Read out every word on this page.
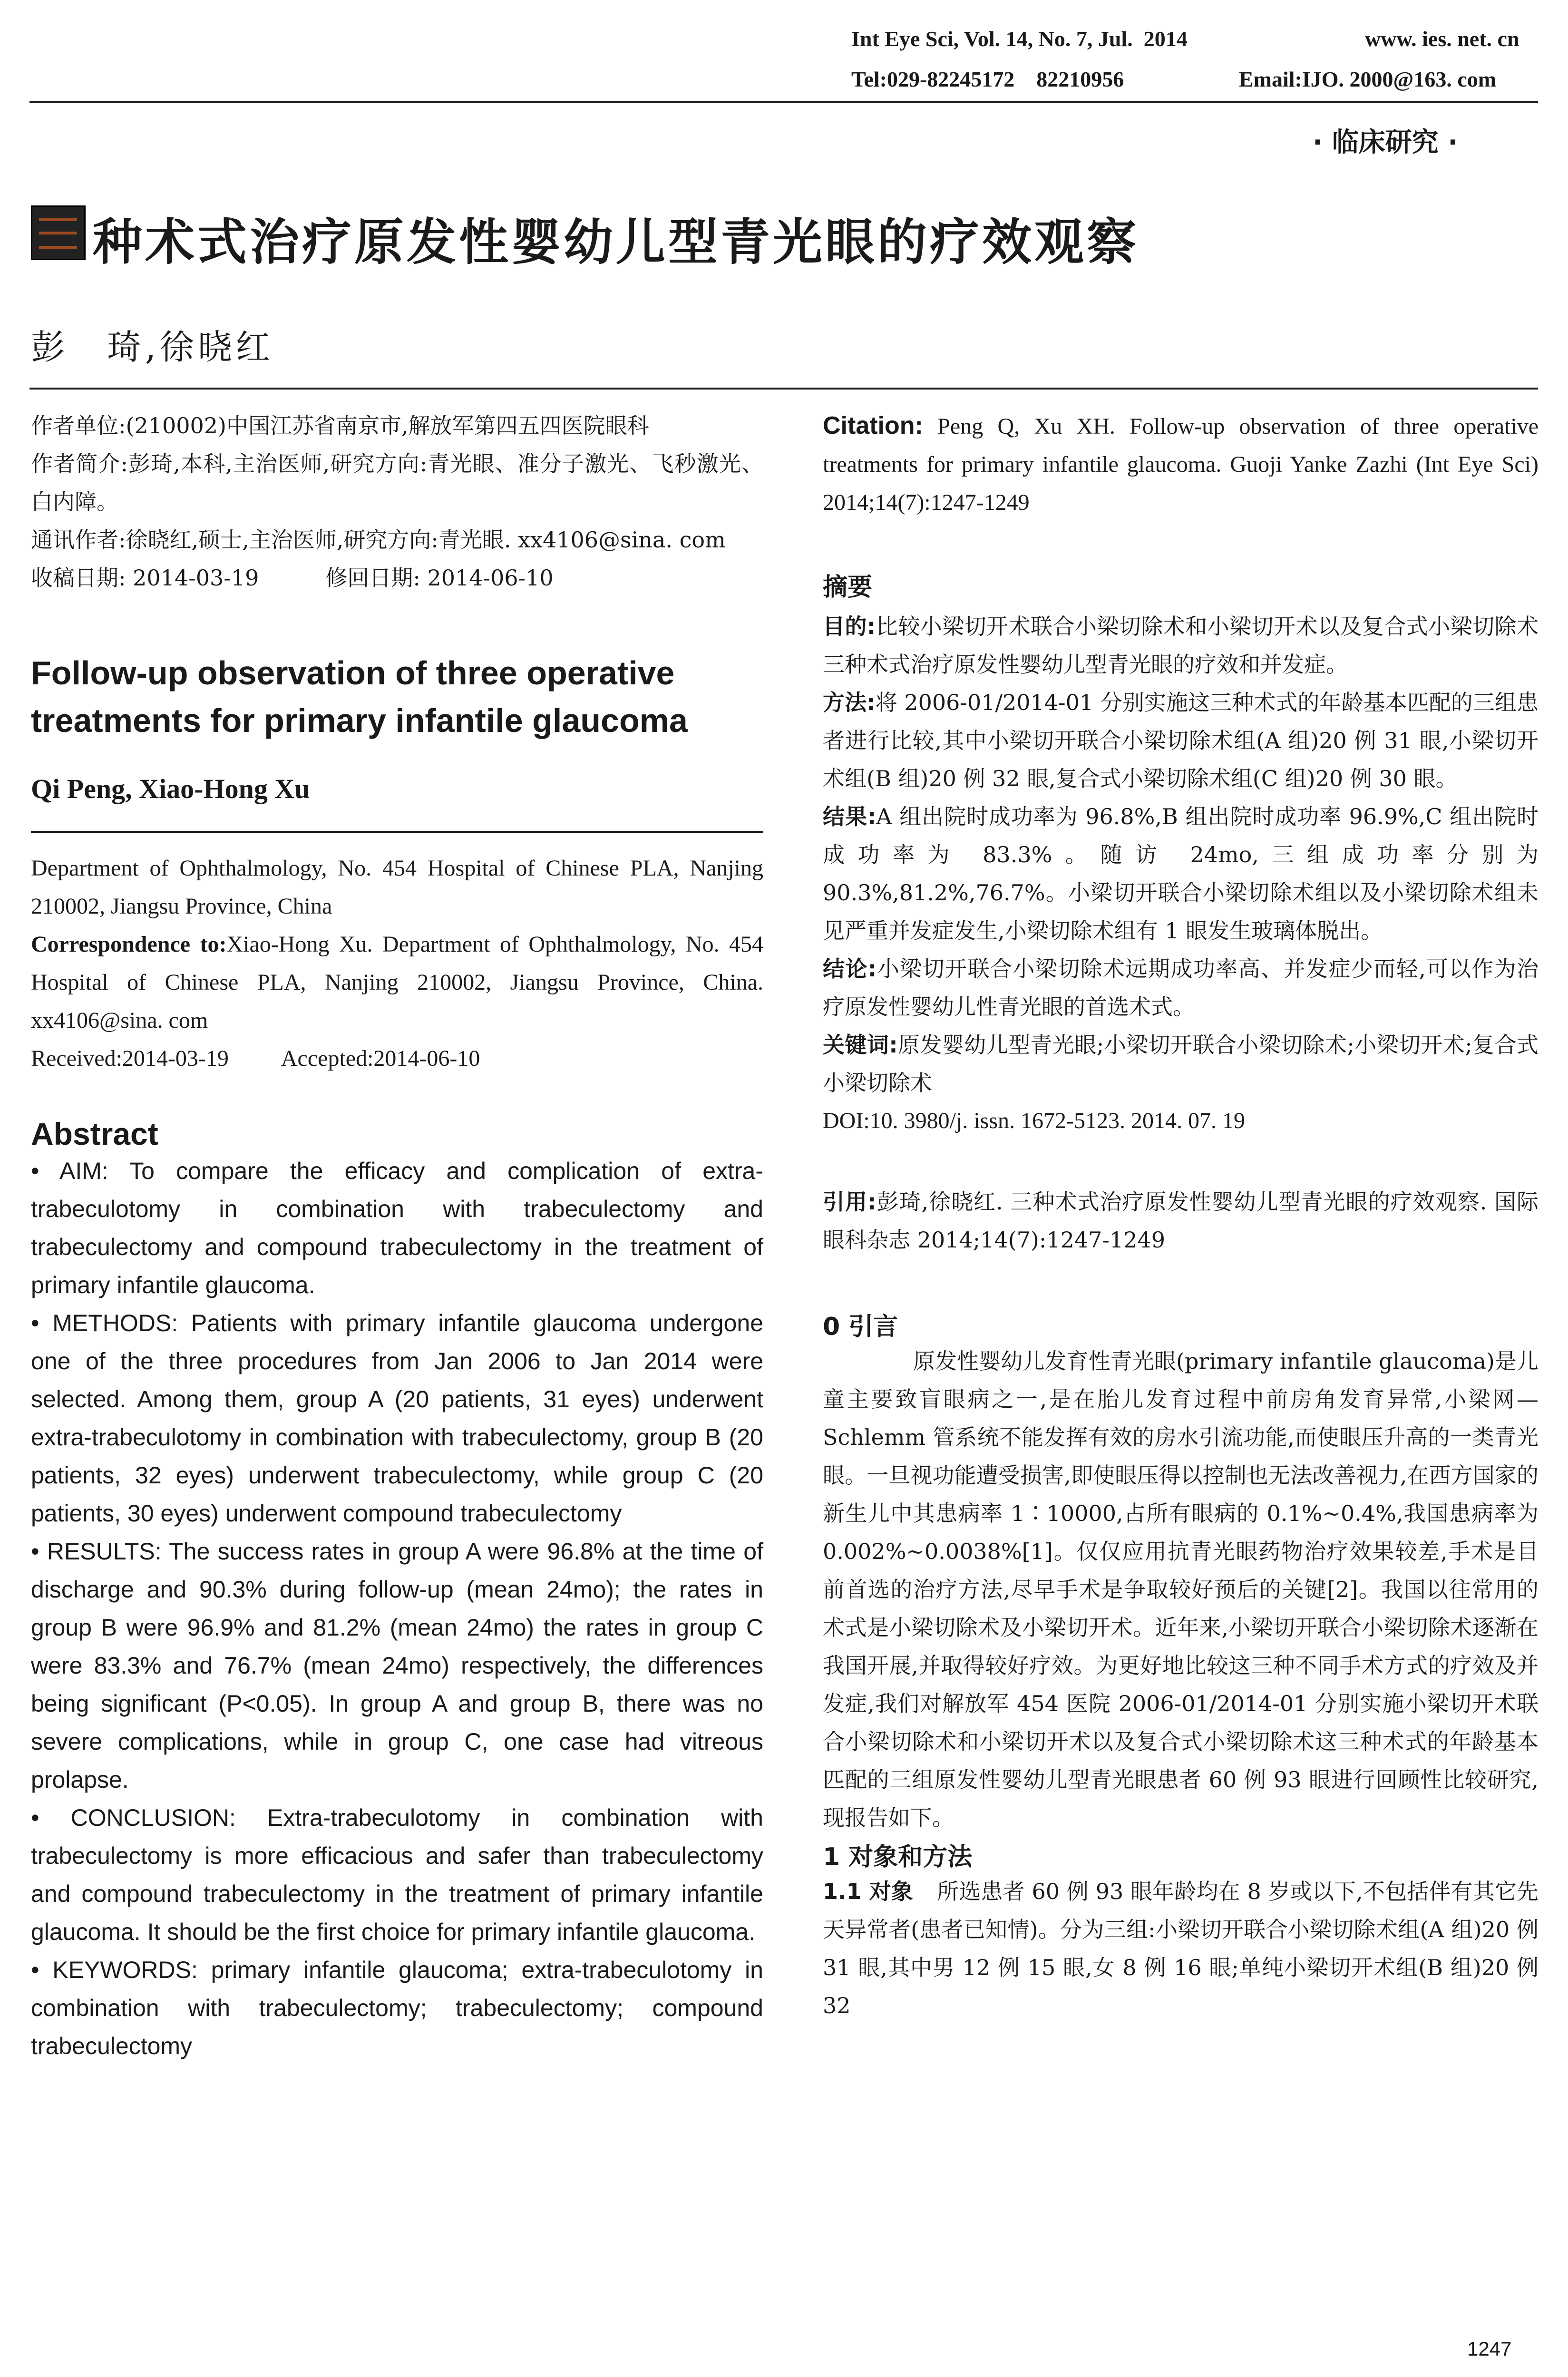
Int Eye Sci, Vol. 14, No. 7, Jul.  2014	www. ies. net. cn
Tel:029-82245172    82210956	Email:IJO. 2000@163. com
· 临床研究 ·
种术式治疗原发性婴幼儿型青光眼的疗效观察
彭　琦,徐晓红
作者单位:(210002)中国江苏省南京市,解放军第四五四医院眼科
作者简介:彭琦,本科,主治医师,研究方向:青光眼、准分子激光、飞秒激光、白内障。
通讯作者:徐晓红,硕士,主治医师,研究方向:青光眼. xx4106@sina. com
收稿日期: 2014-03-19	修回日期: 2014-06-10
Follow-up observation of three operative treatments for primary infantile glaucoma
Qi Peng, Xiao-Hong Xu
Department of Ophthalmology, No. 454 Hospital of Chinese PLA, Nanjing 210002, Jiangsu Province, China
Correspondence to:Xiao-Hong Xu. Department of Ophthalmology, No. 454 Hospital of Chinese PLA, Nanjing 210002, Jiangsu Province, China. xx4106@sina. com
Received:2014-03-19 Accepted:2014-06-10
Abstract
• AIM: To compare the efficacy and complication of extra-trabeculotomy in combination with trabeculectomy and trabeculectomy and compound trabeculectomy in the treatment of primary infantile glaucoma.
• METHODS: Patients with primary infantile glaucoma undergone one of the three procedures from Jan 2006 to Jan 2014 were selected. Among them, group A (20 patients, 31 eyes) underwent extra-trabeculotomy in combination with trabeculectomy, group B (20 patients, 32 eyes) underwent trabeculectomy, while group C (20 patients, 30 eyes) underwent compound trabeculectomy
• RESULTS: The success rates in group A were 96.8% at the time of discharge and 90.3% during follow-up (mean 24mo); the rates in group B were 96.9% and 81.2% (mean 24mo) the rates in group C were 83.3% and 76.7% (mean 24mo) respectively, the differences being significant (P<0.05). In group A and group B, there was no severe complications, while in group C, one case had vitreous prolapse.
• CONCLUSION: Extra-trabeculotomy in combination with trabeculectomy is more efficacious and safer than trabeculectomy and compound trabeculectomy in the treatment of primary infantile glaucoma. It should be the first choice for primary infantile glaucoma.
• KEYWORDS: primary infantile glaucoma; extra-trabeculotomy in combination with trabeculectomy; trabeculectomy; compound trabeculectomy
Citation: Peng Q, Xu XH. Follow-up observation of three operative treatments for primary infantile glaucoma. Guoji Yanke Zazhi (Int Eye Sci) 2014;14(7):1247-1249
摘要
目的:比较小梁切开术联合小梁切除术和小梁切开术以及复合式小梁切除术三种术式治疗原发性婴幼儿型青光眼的疗效和并发症。
方法:将 2006-01/2014-01 分别实施这三种术式的年龄基本匹配的三组患者进行比较,其中小梁切开联合小梁切除术组(A 组)20 例 31 眼,小梁切开术组(B 组)20 例 32 眼,复合式小梁切除术组(C 组)20 例 30 眼。
结果:A 组出院时成功率为 96.8%,B 组出院时成功率 96.9%,C 组出院时成功率为 83.3%。随访 24mo,三组成功率分别为 90.3%,81.2%,76.7%。小梁切开联合小梁切除术组以及小梁切除术组未见严重并发症发生,小梁切除术组有 1 眼发生玻璃体脱出。
结论:小梁切开联合小梁切除术远期成功率高、并发症少而轻,可以作为治疗原发性婴幼儿性青光眼的首选术式。
关键词:原发婴幼儿型青光眼;小梁切开联合小梁切除术;小梁切开术;复合式小梁切除术
DOI:10. 3980/j. issn. 1672-5123. 2014. 07. 19
引用:彭琦,徐晓红. 三种术式治疗原发性婴幼儿型青光眼的疗效观察. 国际眼科杂志 2014;14(7):1247-1249
0 引言

原发性婴幼儿发育性青光眼(primary infantile glaucoma)是儿童主要致盲眼病之一,是在胎儿发育过程中前房角发育异常,小梁网—Schlemm 管系统不能发挥有效的房水引流功能,而使眼压升高的一类青光眼。一旦视功能遭受损害,即使眼压得以控制也无法改善视力,在西方国家的新生儿中其患病率 1∶10000,占所有眼病的 0.1%~0.4%,我国患病率为 0.002%~0.0038%[1]。仅仅应用抗青光眼药物治疗效果较差,手术是目前首选的治疗方法,尽早手术是争取较好预后的关键[2]。我国以往常用的术式是小梁切除术及小梁切开术。近年来,小梁切开联合小梁切除术逐渐在我国开展,并取得较好疗效。为更好地比较这三种不同手术方式的疗效及并发症,我们对解放军 454 医院 2006-01/2014-01 分别实施小梁切开术联合小梁切除术和小梁切开术以及复合式小梁切除术这三种术式的年龄基本匹配的三组原发性婴幼儿型青光眼患者 60 例 93 眼进行回顾性比较研究,现报告如下。

1 对象和方法
1.1 对象 所选患者 60 例 93 眼年龄均在 8 岁或以下,不包括伴有其它先天异常者(患者已知情)。分为三组:小梁切开联合小梁切除术组(A 组)20 例 31 眼,其中男 12 例 15 眼,女 8 例 16 眼;单纯小梁切开术组(B 组)20 例 32
1247
